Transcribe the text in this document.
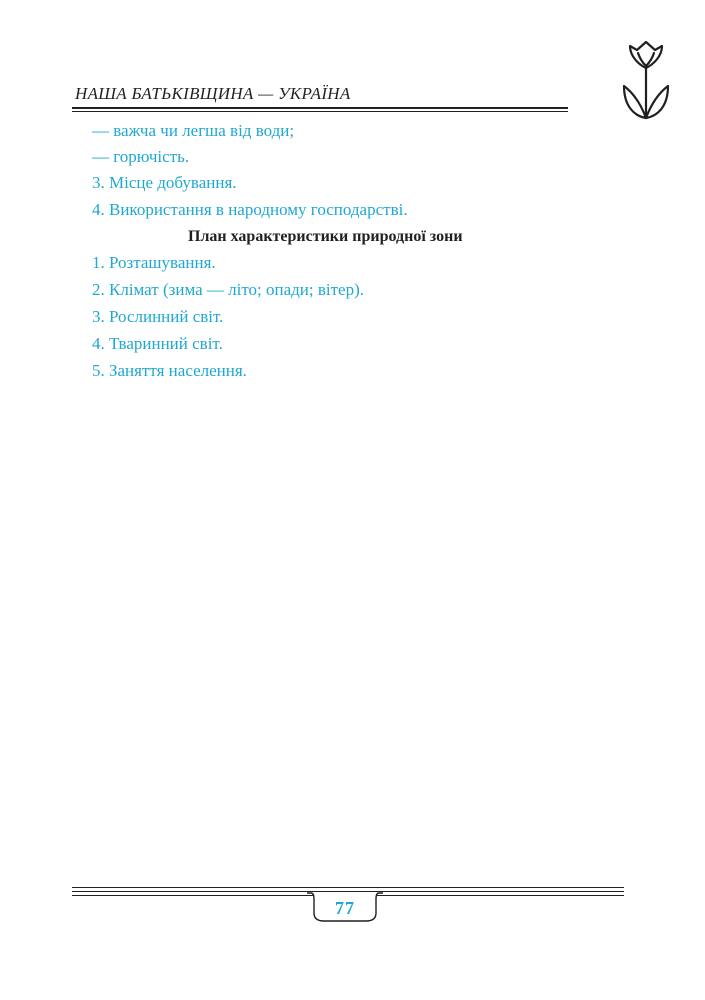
НАША БАТЬКІВЩИНА — УКРАЇНА
— важча чи легша від води;
— горючість.
3. Місце добування.
4. Використання в народному господарстві.
План характеристики природної зони
1. Розташування.
2. Клімат (зима — літо; опади; вітер).
3. Рослинний світ.
4. Тваринний світ.
5. Заняття населення.
77
